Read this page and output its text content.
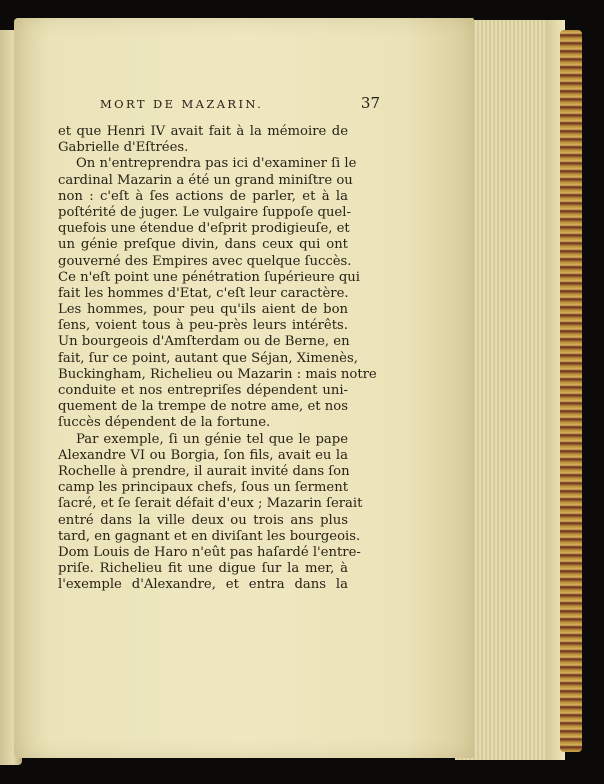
MORT DE MAZARIN.	37
et que Henri IV avait fait à la mémoire de
Gabrielle d'Eſtrées.
On n'entreprendra pas ici d'examiner ſi le
cardinal Mazarin a été un grand miniſtre ou
non : c'eſt à ſes actions de parler, et à la
poſtérité de juger. Le vulgaire ſuppoſe quel-
quefois une étendue d'eſprit prodigieuſe, et
un génie preſque divin, dans ceux qui ont
gouverné des Empires avec quelque ſuccès.
Ce n'eſt point une pénétration ſupérieure qui
fait les hommes d'Etat, c'eſt leur caractère.
Les hommes, pour peu qu'ils aient de bon
ſens, voient tous à peu-près leurs intérêts.
Un bourgeois d'Amſterdam ou de Berne, en
fait, ſur ce point, autant que Séjan, Ximenès,
Buckingham, Richelieu ou Mazarin : mais notre
conduite et nos entrepriſes dépendent uni-
quement de la trempe de notre ame, et nos
ſuccès dépendent de la fortune.
Par exemple, ſi un génie tel que le pape
Alexandre VI ou Borgia, ſon fils, avait eu la
Rochelle à prendre, il aurait invité dans ſon
camp les principaux chefs, ſous un ſerment
ſacré, et ſe ſerait défait d'eux ; Mazarin ſerait
entré dans la ville deux ou trois ans plus
tard, en gagnant et en diviſant les bourgeois.
Dom Louis de Haro n'eût pas haſardé l'entre-
priſe. Richelieu fit une digue ſur la mer, à
l'exemple d'Alexandre, et entra dans la
